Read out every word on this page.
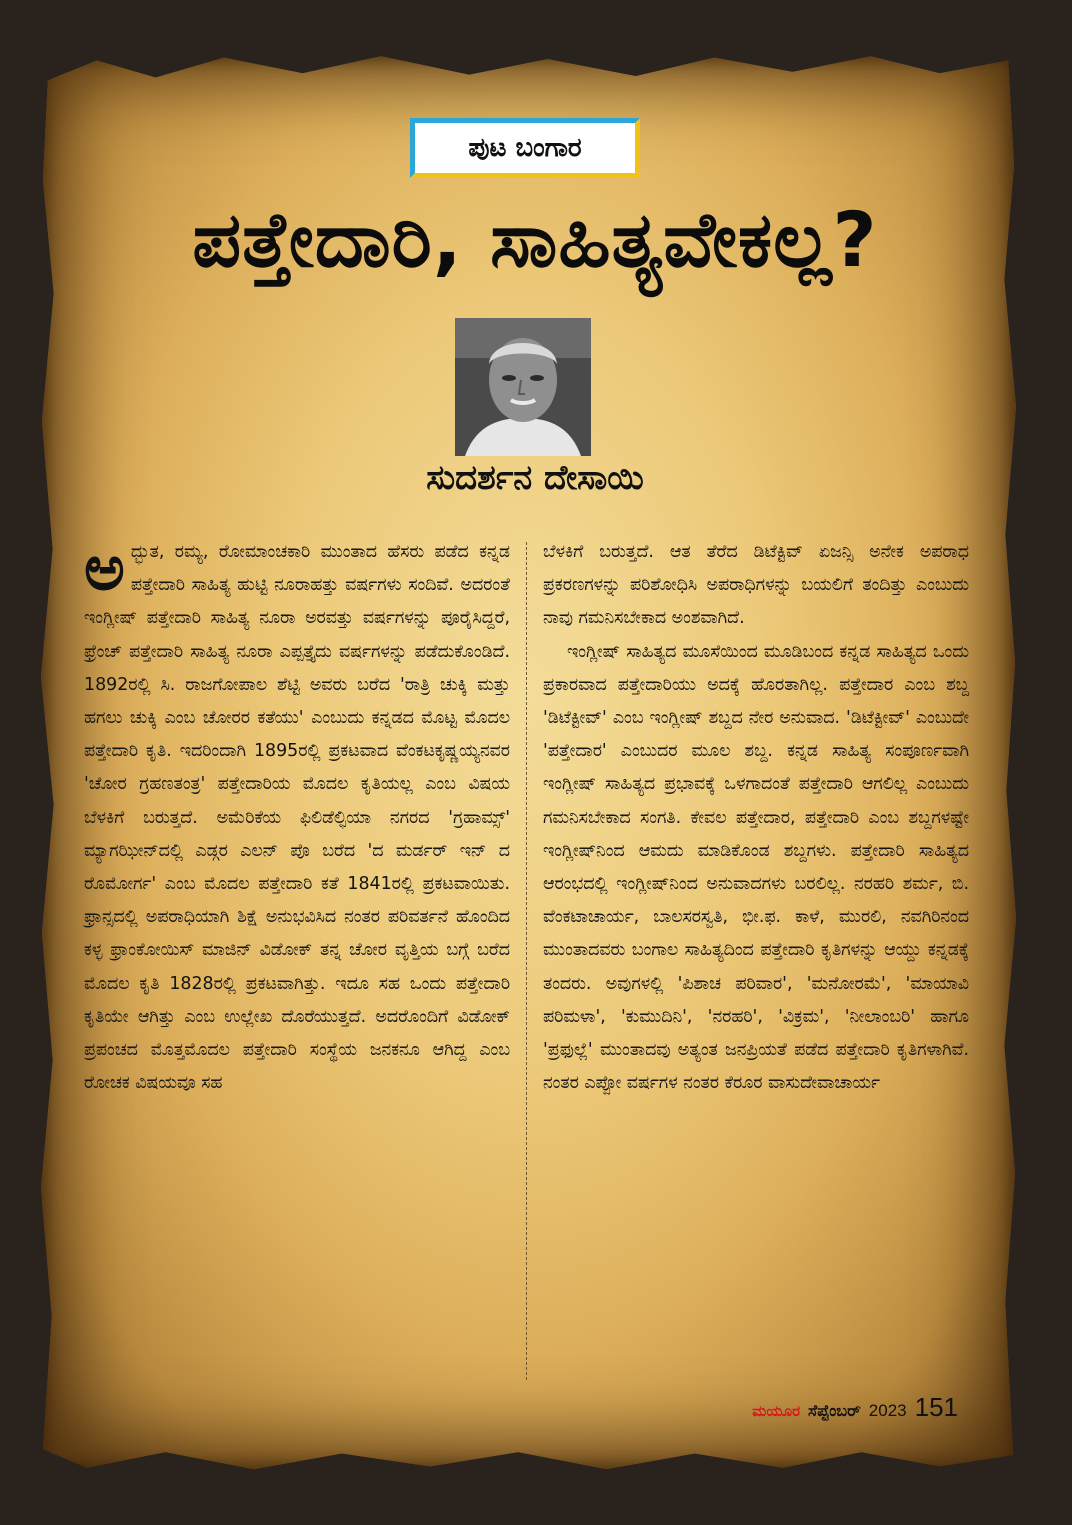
ಪುಟ ಬಂಗಾರ
ಪತ್ತೇದಾರಿ, ಸಾಹಿತ್ಯವೇಕಲ್ಲ?
ಸುದರ್ಶನ ದೇಸಾಯಿ

ಅದ್ಭುತ, ರಮ್ಯ, ರೋಮಾಂಚಕಾರಿ ಮುಂತಾದ ಹೆಸರು ಪಡೆದ ಕನ್ನಡ ಪತ್ತೇದಾರಿ ಸಾಹಿತ್ಯ ಹುಟ್ಟಿ ನೂರಾಹತ್ತು ವರ್ಷಗಳು ಸಂದಿವೆ. ಅದರಂತೆ ಇಂಗ್ಲೀಷ್ ಪತ್ತೇದಾರಿ ಸಾಹಿತ್ಯ ನೂರಾ ಅರವತ್ತು ವರ್ಷಗಳನ್ನು ಪೂರೈಸಿದ್ದರೆ, ಫ್ರೆಂಚ್ ಪತ್ತೇದಾರಿ ಸಾಹಿತ್ಯ ನೂರಾ ಎಪ್ಪತ್ತೈದು ವರ್ಷಗಳನ್ನು ಪಡೆದುಕೊಂಡಿದೆ. 1892ರಲ್ಲಿ ಸಿ. ರಾಜಗೋಪಾಲ ಶೆಟ್ಟಿ ಅವರು ಬರೆದ 'ರಾತ್ರಿ ಚುಕ್ಕಿ ಮತ್ತು ಹಗಲು ಚುಕ್ಕಿ ಎಂಬ ಚೋರರ ಕತೆಯು' ಎಂಬುದು ಕನ್ನಡದ ಮೊಟ್ಟ ಮೊದಲ ಪತ್ತೇದಾರಿ ಕೃತಿ. ಇದರಿಂದಾಗಿ 1895ರಲ್ಲಿ ಪ್ರಕಟವಾದ ವೆಂಕಟಕೃಷ್ಣಯ್ಯನವರ 'ಚೋರ ಗ್ರಹಣತಂತ್ರ' ಪತ್ತೇದಾರಿಯ ಮೊದಲ ಕೃತಿಯಲ್ಲ ಎಂಬ ವಿಷಯ ಬೆಳಕಿಗೆ ಬರುತ್ತದೆ. ಅಮೆರಿಕೆಯ ಫಿಲಿಡೆಲ್ಫಿಯಾ ನಗರದ 'ಗ್ರಹಾಮ್ಸ್' ಮ್ಯಾಗಝೀನ್‌ದಲ್ಲಿ ಎಡ್ಗರ ಎಲನ್ ಪೊ ಬರೆದ 'ದ ಮರ್ಡರ್ ಇನ್ ದ ರೊಮೋರ್ಗ' ಎಂಬ ಮೊದಲ ಪತ್ತೇದಾರಿ ಕತೆ 1841ರಲ್ಲಿ ಪ್ರಕಟವಾಯಿತು. ಫ್ರಾನ್ಸದಲ್ಲಿ ಅಪರಾಧಿಯಾಗಿ ಶಿಕ್ಷೆ ಅನುಭವಿಸಿದ ನಂತರ ಪರಿವರ್ತನೆ ಹೊಂದಿದ ಕಳ್ಳ ಫ್ರಾಂಕೋಯಿಸ್ ಮಾಜಿನ್ ವಿಡೋಕ್ ತನ್ನ ಚೋರ ವೃತ್ತಿಯ ಬಗ್ಗೆ ಬರೆದ ಮೊದಲ ಕೃತಿ 1828ರಲ್ಲಿ ಪ್ರಕಟವಾಗಿತ್ತು. ಇದೂ ಸಹ ಒಂದು ಪತ್ತೇದಾರಿ ಕೃತಿಯೇ ಆಗಿತ್ತು ಎಂಬ ಉಲ್ಲೇಖ ದೊರೆಯುತ್ತದೆ. ಅದರೊಂದಿಗೆ ವಿಡೋಕ್ ಪ್ರಪಂಚದ ಮೊತ್ತಮೊದಲ ಪತ್ತೇದಾರಿ ಸಂಸ್ಥೆಯ ಜನಕನೂ ಆಗಿದ್ದ ಎಂಬ ರೋಚಕ ವಿಷಯವೂ ಸಹ

ಬೆಳಕಿಗೆ ಬರುತ್ತದೆ. ಆತ ತೆರೆದ ಡಿಟೆಕ್ಟಿವ್ ಏಜನ್ಸಿ ಅನೇಕ ಅಪರಾಧ ಪ್ರಕರಣಗಳನ್ನು ಪರಿಶೋಧಿಸಿ ಅಪರಾಧಿಗಳನ್ನು ಬಯಲಿಗೆ ತಂದಿತ್ತು ಎಂಬುದು ನಾವು ಗಮನಿಸಬೇಕಾದ ಅಂಶವಾಗಿದೆ.

ಇಂಗ್ಲೀಷ್ ಸಾಹಿತ್ಯದ ಮೂಸೆಯಿಂದ ಮೂಡಿಬಂದ ಕನ್ನಡ ಸಾಹಿತ್ಯದ ಒಂದು ಪ್ರಕಾರವಾದ ಪತ್ತೇದಾರಿಯು ಅದಕ್ಕೆ ಹೊರತಾಗಿಲ್ಲ. ಪತ್ತೇದಾರ ಎಂಬ ಶಬ್ದ 'ಡಿಟೆಕ್ಟೀವ್' ಎಂಬ ಇಂಗ್ಲೀಷ್ ಶಬ್ದದ ನೇರ ಅನುವಾದ. 'ಡಿಟೆಕ್ಟೀವ್' ಎಂಬುದೇ 'ಪತ್ತೇದಾರ' ಎಂಬುದರ ಮೂಲ ಶಬ್ದ. ಕನ್ನಡ ಸಾಹಿತ್ಯ ಸಂಪೂರ್ಣವಾಗಿ ಇಂಗ್ಲೀಷ್ ಸಾಹಿತ್ಯದ ಪ್ರಭಾವಕ್ಕೆ ಒಳಗಾದಂತೆ ಪತ್ತೇದಾರಿ ಆಗಲಿಲ್ಲ ಎಂಬುದು ಗಮನಿಸಬೇಕಾದ ಸಂಗತಿ. ಕೇವಲ ಪತ್ತೇದಾರ, ಪತ್ತೇದಾರಿ ಎಂಬ ಶಬ್ದಗಳಷ್ಟೇ ಇಂಗ್ಲೀಷ್‌ನಿಂದ ಆಮದು ಮಾಡಿಕೊಂಡ ಶಬ್ದಗಳು. ಪತ್ತೇದಾರಿ ಸಾಹಿತ್ಯದ ಆರಂಭದಲ್ಲಿ ಇಂಗ್ಲೀಷ್‌ನಿಂದ ಅನುವಾದಗಳು ಬರಲಿಲ್ಲ. ನರಹರಿ ಶರ್ಮ, ಬಿ. ವೆಂಕಟಾಚಾರ್ಯ, ಬಾಲಸರಸ್ವತಿ, ಭೀ.ಫ. ಕಾಳೆ, ಮುರಲಿ, ನವಗಿರಿನಂದ ಮುಂತಾದವರು ಬಂಗಾಲ ಸಾಹಿತ್ಯದಿಂದ ಪತ್ತೇದಾರಿ ಕೃತಿಗಳನ್ನು ಆಯ್ದು ಕನ್ನಡಕ್ಕೆ ತಂದರು. ಅವುಗಳಲ್ಲಿ 'ಪಿಶಾಚ ಪರಿವಾರ', 'ಮನೋರಮೆ', 'ಮಾಯಾವಿ ಪರಿಮಳಾ', 'ಕುಮುದಿನಿ', 'ನರಹರಿ', 'ವಿಕ್ರಮ', 'ನೀಲಾಂಬರಿ' ಹಾಗೂ 'ಪ್ರಫುಲ್ಲೆ' ಮುಂತಾದವು ಅತ್ಯಂತ ಜನಪ್ರಿಯತೆ ಪಡೆದ ಪತ್ತೇದಾರಿ ಕೃತಿಗಳಾಗಿವೆ. ನಂತರ ಎಪ್ಪೋ ವರ್ಷಗಳ ನಂತರ ಕೆರೂರ ವಾಸುದೇವಾಚಾರ್ಯ

ಮಯೂರ ಸೆಪ್ಟೆಂಬರ್ 2023 151
